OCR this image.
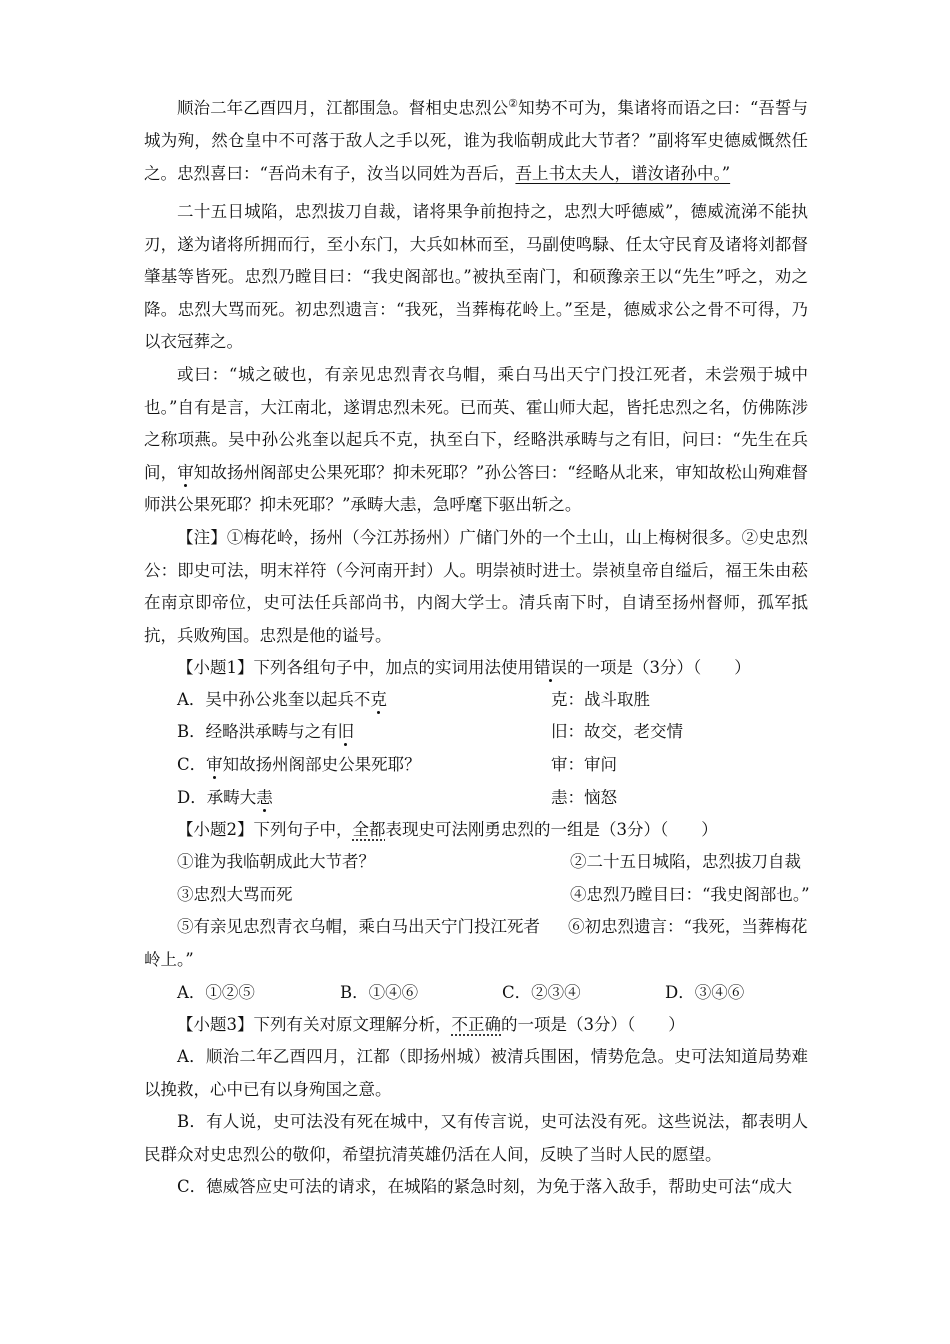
顺治二年乙酉四月，江都围急。督相史忠烈公②知势不可为，集诸将而语之曰：“吾誓与城为殉，然仓皇中不可落于敌人之手以死，谁为我临朝成此大节者？”副将军史德威慨然任之。忠烈喜曰：“吾尚未有子，汝当以同姓为吾后，吾上书太夫人，谱汝诸孙中。”

二十五日城陷，忠烈拔刀自裁，诸将果争前抱持之，忠烈大呼德威”，德威流涕不能执刃，遂为诸将所拥而行，至小东门，大兵如林而至，马副使鸣騄、任太守民育及诸将刘都督肇基等皆死。忠烈乃瞠目曰：“我史阁部也。”被执至南门，和硕豫亲王以“先生”呼之，劝之降。忠烈大骂而死。初忠烈遗言：“我死，当葬梅花岭上。”至是，德威求公之骨不可得，乃以衣冠葬之。

或曰：“城之破也，有亲见忠烈青衣乌帽，乘白马出天宁门投江死者，未尝殒于城中也。”自有是言，大江南北，遂谓忠烈未死。已而英、霍山师大起，皆托忠烈之名，仿佛陈涉之称项燕。吴中孙公兆奎以起兵不克，执至白下，经略洪承畴与之有旧，问曰：“先生在兵间，审知故扬州阁部史公果死耶？抑未死耶？”孙公答曰：“经略从北来，审知故松山殉难督师洪公果死耶？抑未死耶？”承畴大恚，急呼麾下驱出斩之。

【注】①梅花岭，扬州（今江苏扬州）广储门外的一个土山，山上梅树很多。②史忠烈公：即史可法，明末祥符（今河南开封）人。明崇祯时进士。崇祯皇帝自缢后，福王朱由菘在南京即帝位，史可法任兵部尚书，内阁大学士。清兵南下时，自请至扬州督师，孤军抵抗，兵败殉国。忠烈是他的谥号。

【小题1】下列各组句子中，加点的实词用法使用错误的一项是（3分）（　　）
A．吴中孙公兆奎以起兵不克	克：战斗取胜
B．经略洪承畴与之有旧	旧：故交，老交情
C．审知故扬州阁部史公果死耶？	审：审问
D．承畴大恚	恚：恼怒
【小题2】下列句子中，全都表现史可法刚勇忠烈的一组是（3分）（　　）
①谁为我临朝成此大节者？	②二十五日城陷，忠烈拔刀自裁
③忠烈大骂而死	④忠烈乃瞠目曰：“我史阁部也。”
⑤有亲见忠烈青衣乌帽，乘白马出天宁门投江死者 ⑥初忠烈遗言：“我死，当葬梅花
岭上。”
A．①②⑤	B．①④⑥	C．②③④	D．③④⑥
【小题3】下列有关对原文理解分析，不正确的一项是（3分）（　　）

A．顺治二年乙酉四月，江都（即扬州城）被清兵围困，情势危急。史可法知道局势难以挽救，心中已有以身殉国之意。

B．有人说，史可法没有死在城中，又有传言说，史可法没有死。这些说法，都表明人民群众对史忠烈公的敬仰，希望抗清英雄仍活在人间，反映了当时人民的愿望。

C．德威答应史可法的请求，在城陷的紧急时刻，为免于落入敌手，帮助史可法“成大
